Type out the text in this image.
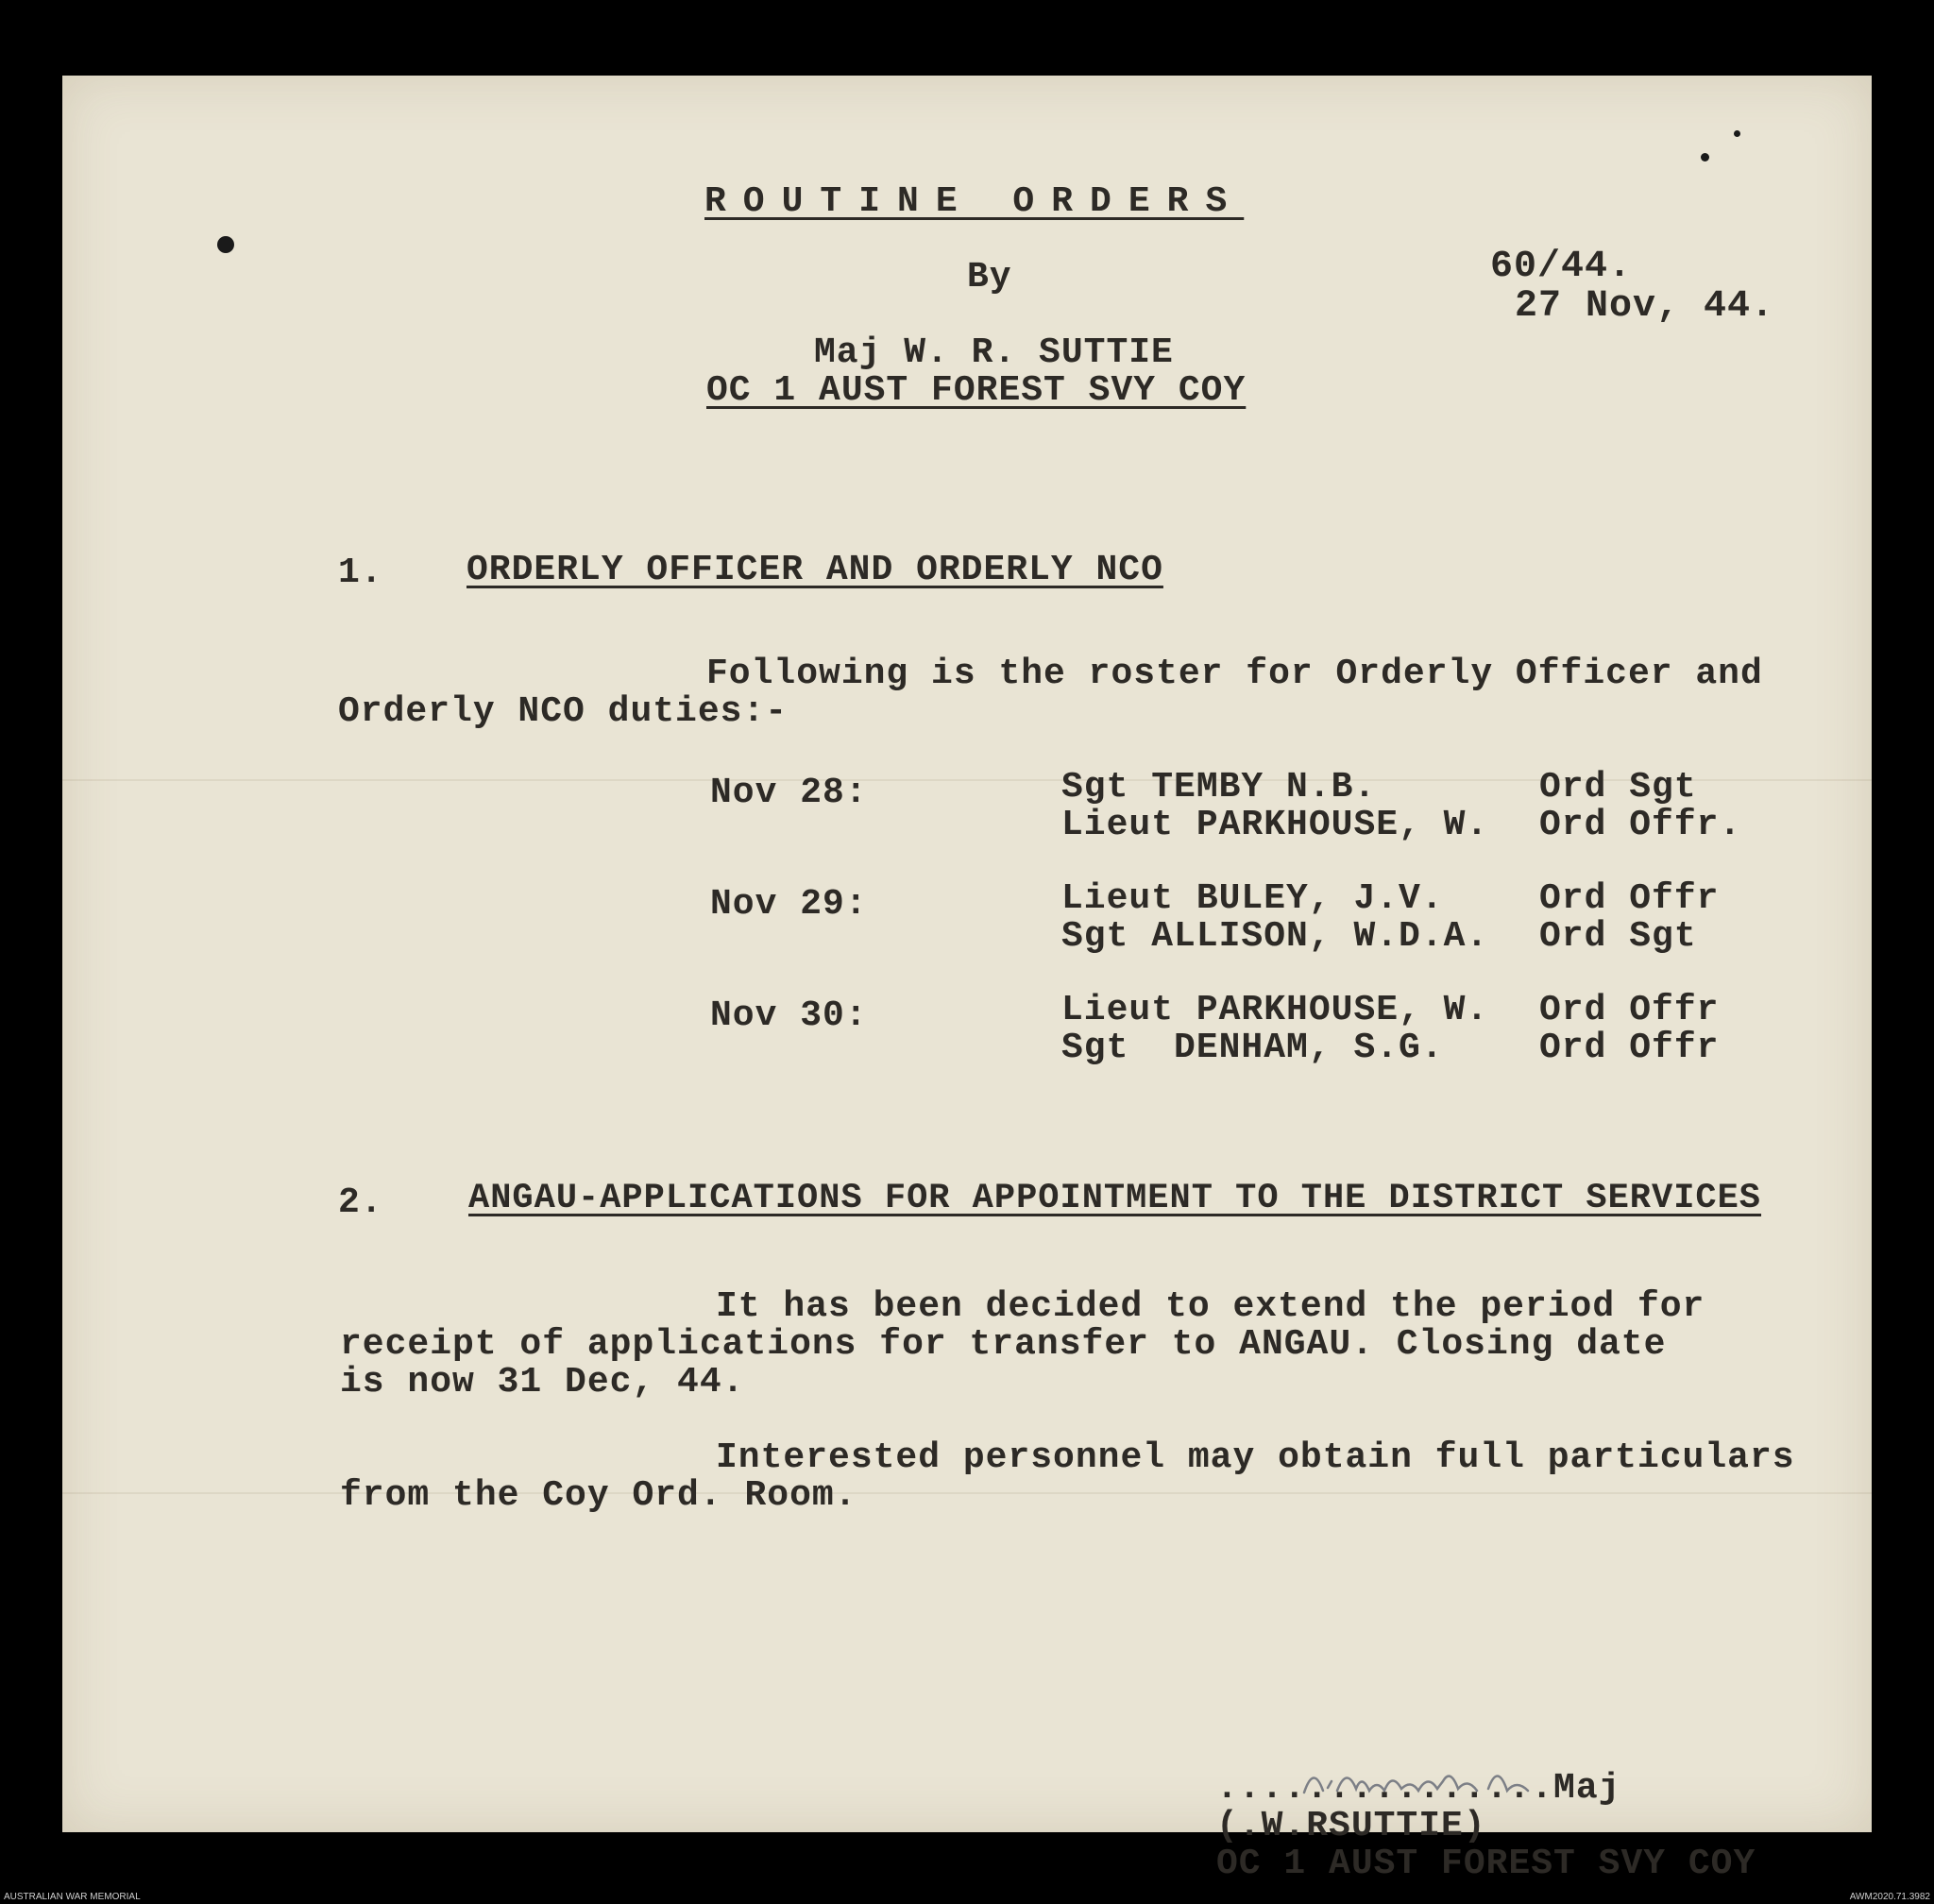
ROUTINE ORDERS
By	60/44.
27 Nov, 44.
Maj W. R. SUTTIE
OC 1 AUST FOREST SVY COY
1. ORDERLY OFFICER AND ORDERLY NCO
Following is the roster for Orderly Officer and
Orderly NCO duties:-
Nov 28:	Sgt TEMBY N.B.	Ord Sgt
Lieut PARKHOUSE, W. Ord Offr.
Nov 29:	Lieut BULEY, J.V.	Ord Offr
Sgt ALLISON, W.D.A. Ord Sgt
Nov 30:	Lieut PARKHOUSE, W. Ord Offr
Sgt  DENHAM, S.G.	Ord Offr
2. ANGAU-APPLICATIONS FOR APPOINTMENT TO THE DISTRICT SERVICES
It has been decided to extend the period for
receipt of applications for transfer to ANGAU. Closing date
is now 31 Dec, 44.
Interested personnel may obtain full particulars
from the Coy Ord. Room.
...............Maj
(.W.RSUTTIE)
OC 1 AUST FOREST SVY COY
AUSTRALIAN WAR MEMORIAL	AWM2020.71.3982
